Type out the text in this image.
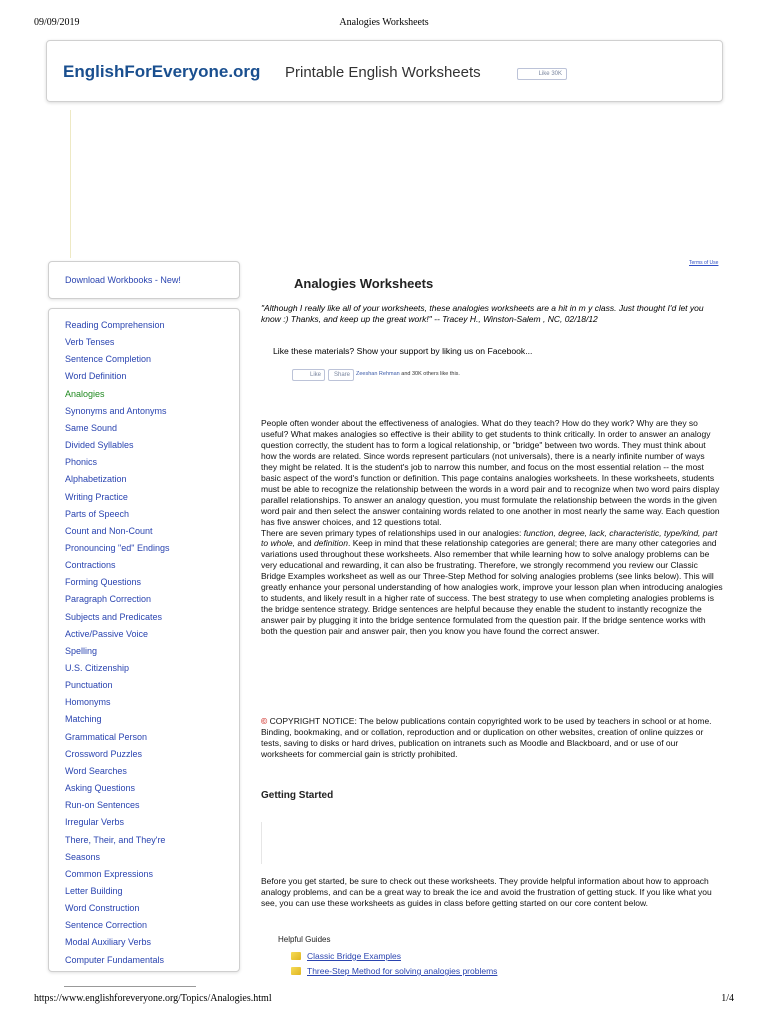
09/09/2019	Analogies Worksheets
EnglishForEveryone.org Printable English Worksheets	Like 30K
Terms of Use
Download Workbooks - New!
Reading Comprehension
Verb Tenses
Sentence Completion
Word Definition
Analogies
Synonyms and Antonyms
Same Sound
Divided Syllables
Phonics
Alphabetization
Writing Practice
Parts of Speech
Count and Non-Count
Pronouncing "ed" Endings
Contractions
Forming Questions
Paragraph Correction
Subjects and Predicates
Active/Passive Voice
Spelling
U.S. Citizenship
Punctuation
Homonyms
Matching
Grammatical Person
Crossword Puzzles
Word Searches
Asking Questions
Run-on Sentences
Irregular Verbs
There, Their, and They're
Seasons
Common Expressions
Letter Building
Word Construction
Sentence Correction
Modal Auxiliary Verbs
Computer Fundamentals
Analogies Worksheets
"Although I really like all of your worksheets, these analogies worksheets are a hit in m y class. Just thought I'd let you know :) Thanks, and keep up the great work!" -- Tracey H., Winston-Salem , NC, 02/18/12
Like these materials? Show your support by liking us on Facebook...
Like	Share	Zeeshan Rehman and 30K others like this.

People often wonder about the effectiveness of analogies. What do they teach? How do they work? Why are they so useful? What makes analogies so effective is their ability to get students to think critically. In order to answer an analogy question correctly, the student has to form a logical relationship, or "bridge" between two words. They must think about how the words are related. Since words represent particulars (not universals), there is a nearly infinite number of ways they might be related. It is the student's job to narrow this number, and focus on the most essential relation -- the most basic aspect of the word's function or definition. This page contains analogies worksheets. In these worksheets, students must be able to recognize the relationship between the words in a word pair and to recognize when two word pairs display parallel relationships. To answer an analogy question, you must formulate the relationship between the words in the given word pair and then select the answer containing words related to one another in most nearly the same way. Each question has five answer choices, and 12 questions total.

There are seven primary types of relationships used in our analogies: function, degree, lack, characteristic, type/kind, part to whole, and definition. Keep in mind that these relationship categories are general; there are many other categories and variations used throughout these worksheets. Also remember that while learning how to solve analogy problems can be very educational and rewarding, it can also be frustrating. Therefore, we strongly recommend you review our Classic Bridge Examples worksheet as well as our Three-Step Method for solving analogies problems (see links below). This will greatly enhance your personal understanding of how analogies work, improve your lesson plan when introducing analogies to students, and likely result in a higher rate of success. The best strategy to use when completing analogies problems is the bridge sentence strategy. Bridge sentences are helpful because they enable the student to instantly recognize the answer pair by plugging it into the bridge sentence formulated from the question pair. If the bridge sentence works with both the question pair and answer pair, then you know you have found the correct answer.

© COPYRIGHT NOTICE: The below publications contain copyrighted work to be used by teachers in school or at home. Binding, bookmaking, and or collation, reproduction and or duplication on other websites, creation of online quizzes or tests, saving to disks or hard drives, publication on intranets such as Moodle and Blackboard, and or use of our worksheets for commercial gain is strictly prohibited.
Getting Started
Before you get started, be sure to check out these worksheets. They provide helpful information about how to approach analogy problems, and can be a great way to break the ice and avoid the frustration of getting stuck. If you like what you see, you can use these worksheets as guides in class before getting started on our core content below.
Helpful Guides
Classic Bridge Examples
Three-Step Method for solving analogies problems
https://www.englishforeveryone.org/Topics/Analogies.html	1/4
